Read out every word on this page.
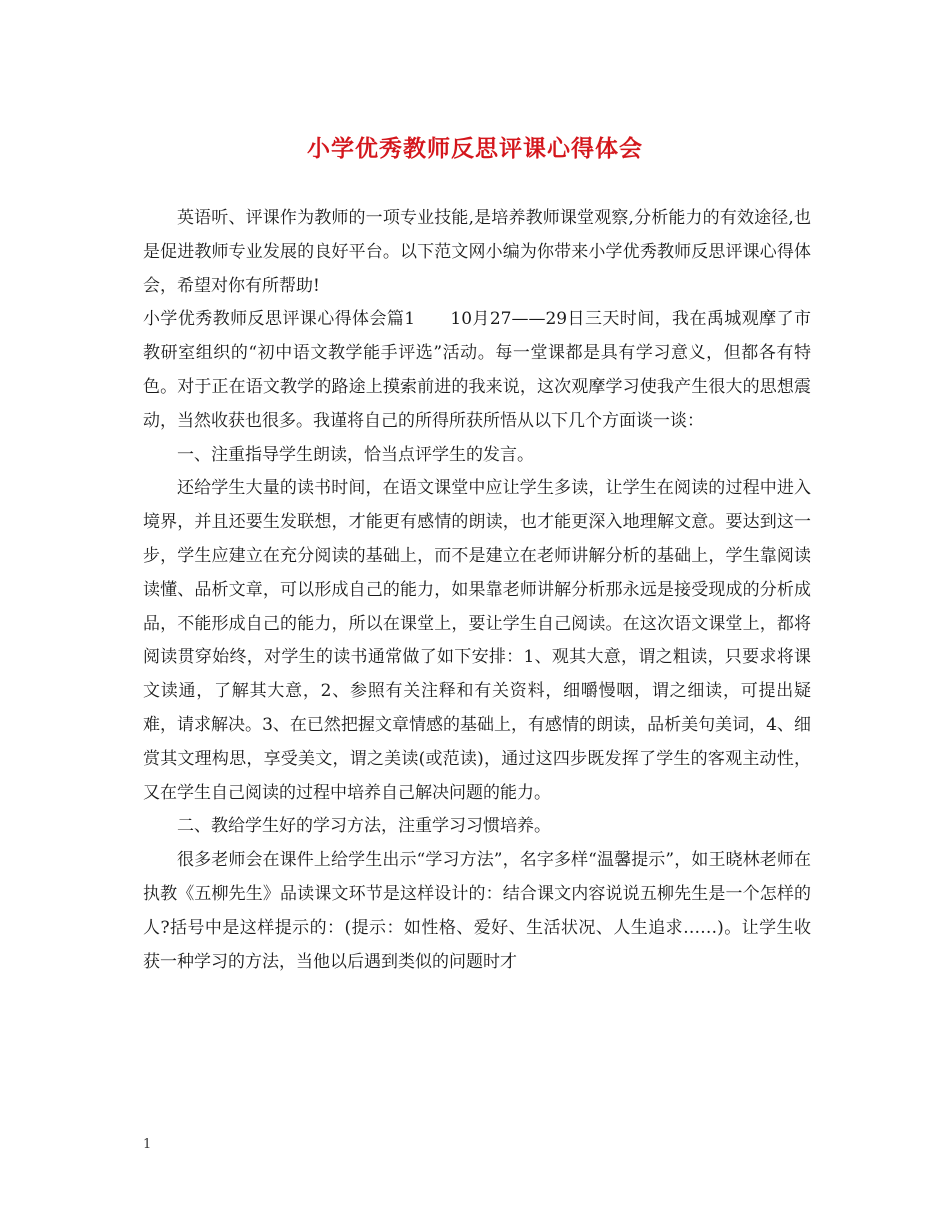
小学优秀教师反思评课心得体会

英语听、评课作为教师的一项专业技能,是培养教师课堂观察,分析能力的有效途径,也是促进教师专业发展的良好平台。以下范文网小编为你带来小学优秀教师反思评课心得体会，希望对你有所帮助!

小学优秀教师反思评课心得体会篇1　　10月27——29日三天时间，我在禹城观摩了市教研室组织的“初中语文教学能手评选”活动。每一堂课都是具有学习意义，但都各有特色。对于正在语文教学的路途上摸索前进的我来说，这次观摩学习使我产生很大的思想震动，当然收获也很多。我谨将自己的所得所获所悟从以下几个方面谈一谈：

一、注重指导学生朗读，恰当点评学生的发言。

还给学生大量的读书时间，在语文课堂中应让学生多读，让学生在阅读的过程中进入境界，并且还要生发联想，才能更有感情的朗读，也才能更深入地理解文意。要达到这一步，学生应建立在充分阅读的基础上，而不是建立在老师讲解分析的基础上，学生靠阅读读懂、品析文章，可以形成自己的能力，如果靠老师讲解分析那永远是接受现成的分析成品，不能形成自己的能力，所以在课堂上，要让学生自己阅读。在这次语文课堂上，都将阅读贯穿始终，对学生的读书通常做了如下安排：1、观其大意，谓之粗读，只要求将课文读通，了解其大意，2、参照有关注释和有关资料，细嚼慢咽，谓之细读，可提出疑难，请求解决。3、在已然把握文章情感的基础上，有感情的朗读，品析美句美词，4、细赏其文理构思，享受美文，谓之美读(或范读)，通过这四步既发挥了学生的客观主动性，又在学生自己阅读的过程中培养自己解决问题的能力。

二、教给学生好的学习方法，注重学习习惯培养。

很多老师会在课件上给学生出示“学习方法”，名字多样“温馨提示”，如王晓林老师在执教《五柳先生》品读课文环节是这样设计的：结合课文内容说说五柳先生是一个怎样的人?括号中是这样提示的：(提示：如性格、爱好、生活状况、人生追求……)。让学生收获一种学习的方法，当他以后遇到类似的问题时才

1
